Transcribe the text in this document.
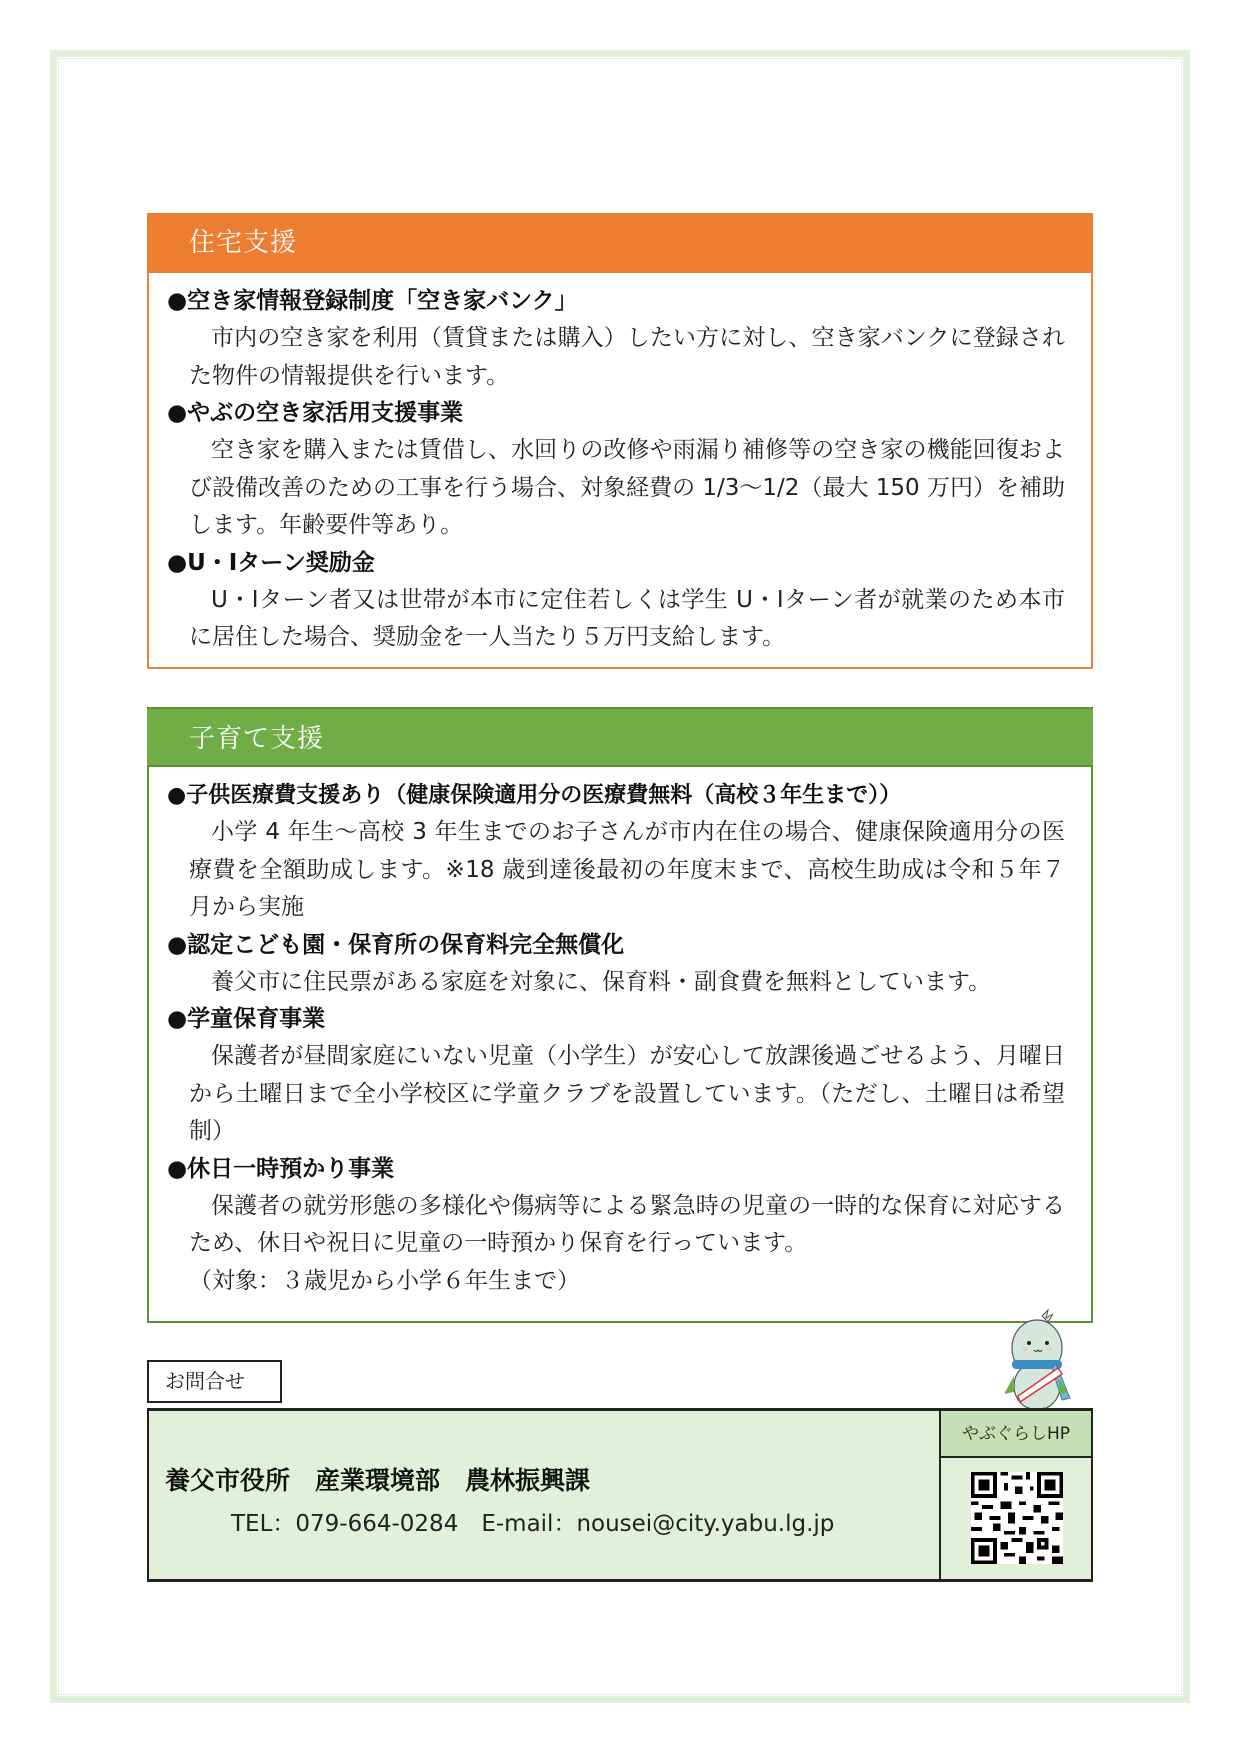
住宅支援
●空き家情報登録制度「空き家バンク」
市内の空き家を利用（賃貸または購入）したい方に対し、空き家バンクに登録された物件の情報提供を行います。
●やぶの空き家活用支援事業
空き家を購入または賃借し、水回りの改修や雨漏り補修等の空き家の機能回復および設備改善のための工事を行う場合、対象経費の 1/3～1/2（最大 150 万円）を補助します。年齢要件等あり。
●U・Iターン奨励金
U・Iターン者又は世帯が本市に定住若しくは学生 U・Iターン者が就業のため本市に居住した場合、奨励金を一人当たり５万円支給します。
子育て支援
●子供医療費支援あり（健康保険適用分の医療費無料（高校３年生まで））
小学 4 年生～高校 3 年生までのお子さんが市内在住の場合、健康保険適用分の医療費を全額助成します。※18 歳到達後最初の年度末まで、高校生助成は令和５年７月から実施
●認定こども園・保育所の保育料完全無償化
養父市に住民票がある家庭を対象に、保育料・副食費を無料としています。
●学童保育事業
保護者が昼間家庭にいない児童（小学生）が安心して放課後過ごせるよう、月曜日から土曜日まで全小学校区に学童クラブを設置しています。（ただし、土曜日は希望制）
●休日一時預かり事業
保護者の就労形態の多様化や傷病等による緊急時の児童の一時的な保育に対応するため、休日や祝日に児童の一時預かり保育を行っています。
（対象：３歳児から小学６年生まで）
お問合せ
養父市役所　産業環境部　農林振興課
TEL：079-664-0284　E-mail：nousei@city.yabu.lg.jp
やぶぐらしHP
